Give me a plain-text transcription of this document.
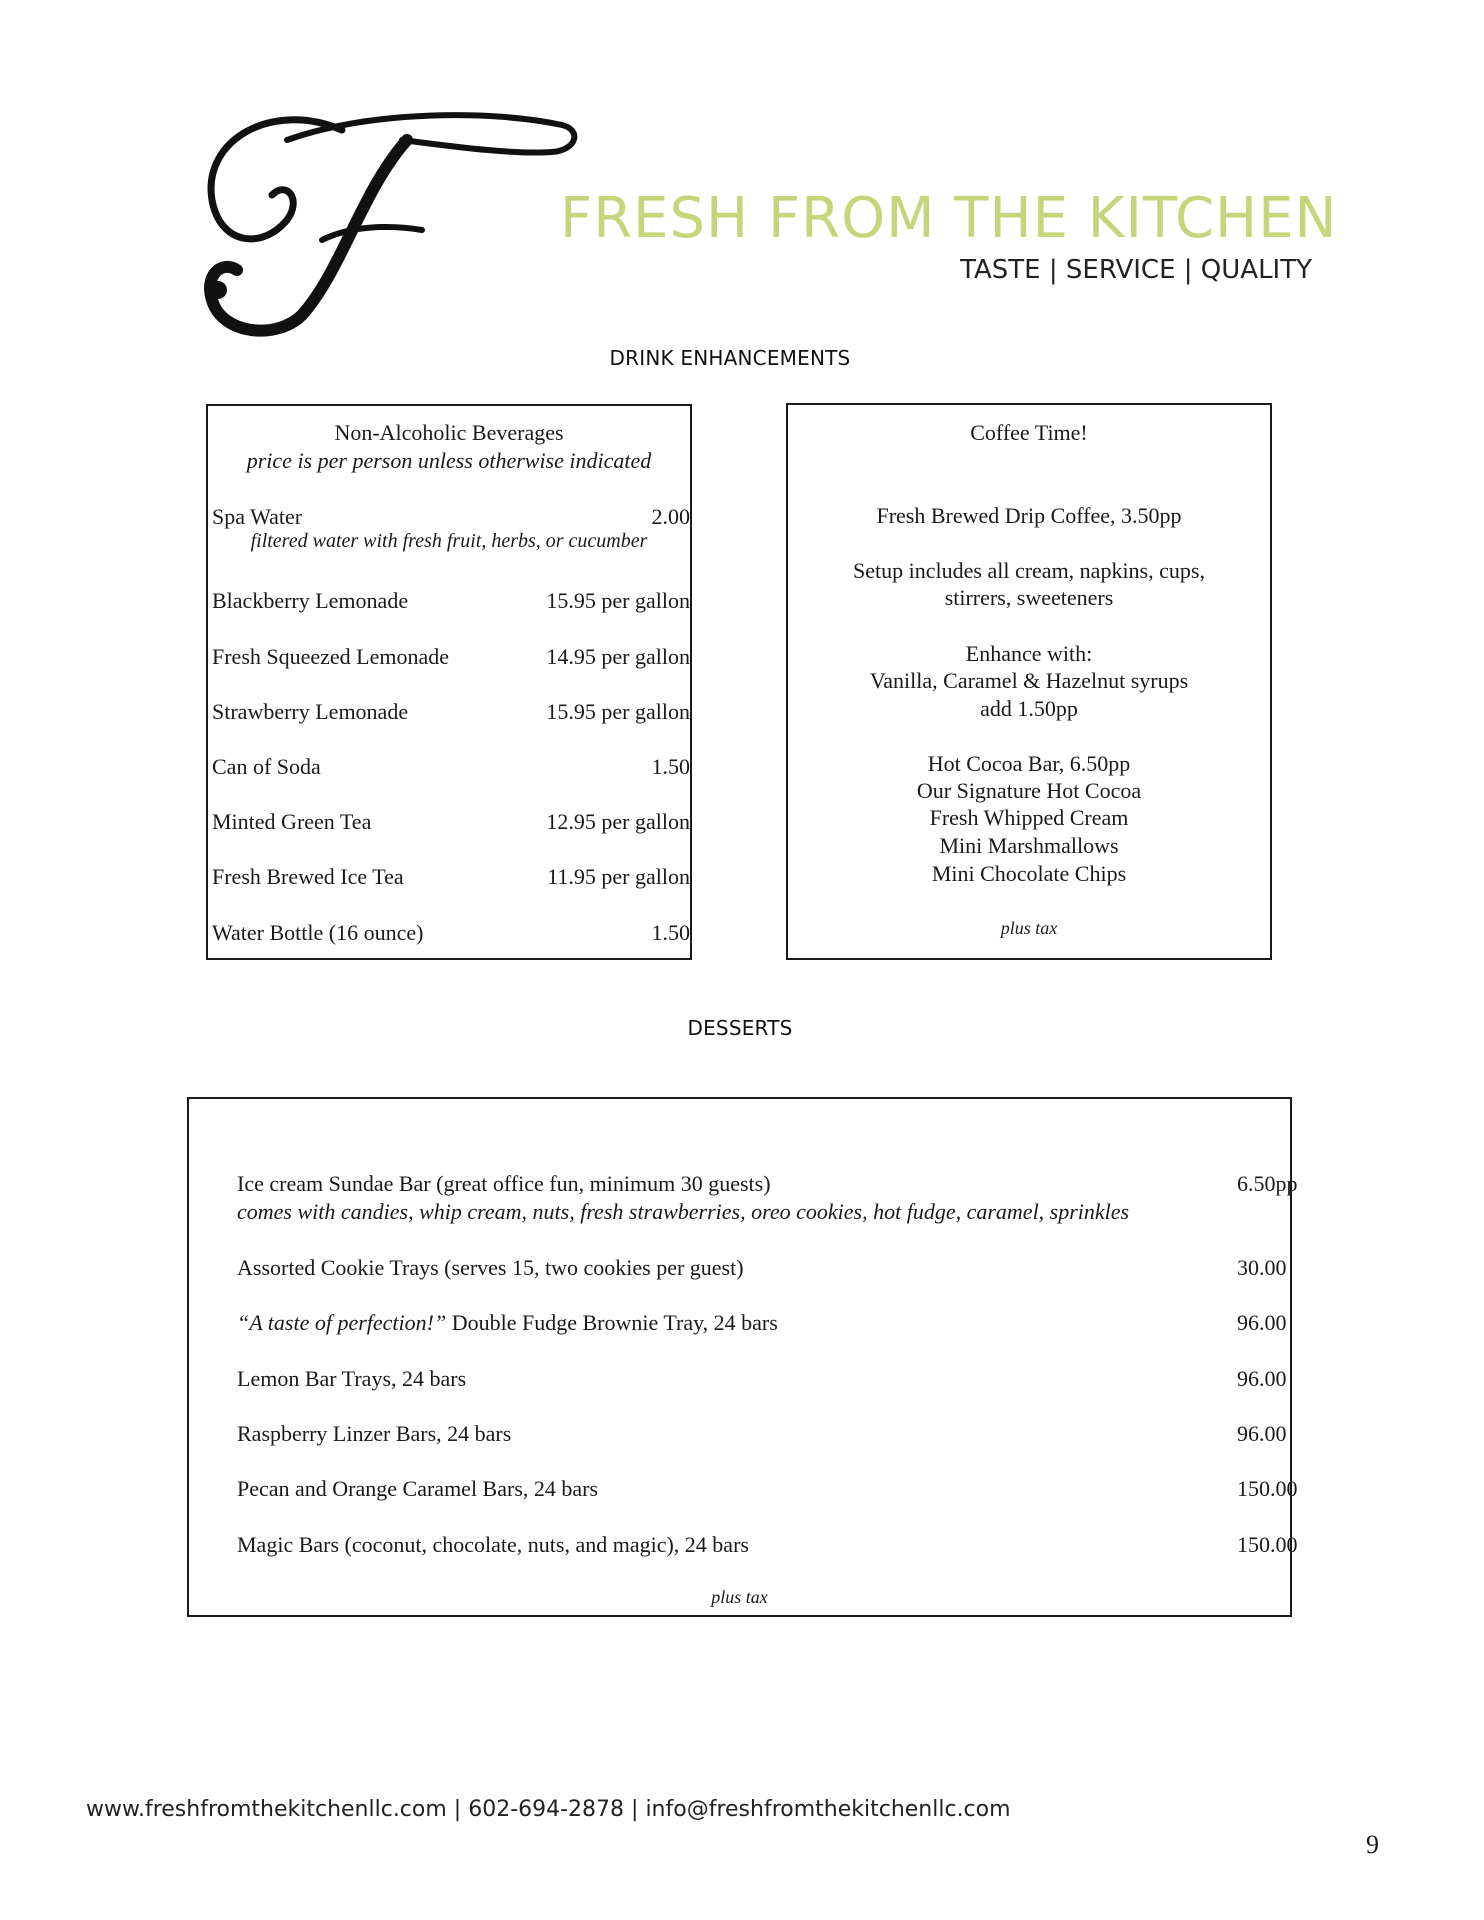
FRESH FROM THE KITCHEN
TASTE | SERVICE | QUALITY
DRINK ENHANCEMENTS
Non-Alcoholic Beverages
price is per person unless otherwise indicated
Spa Water	2.00
filtered water with fresh fruit, herbs, or cucumber
Blackberry Lemonade	15.95 per gallon
Fresh Squeezed Lemonade	14.95 per gallon
Strawberry Lemonade	15.95 per gallon
Can of Soda	1.50
Minted Green Tea	12.95 per gallon
Fresh Brewed Ice Tea	11.95 per gallon
Water Bottle (16 ounce)	1.50
Coffee Time!
Fresh Brewed Drip Coffee, 3.50pp
Setup includes all cream, napkins, cups,
stirrers, sweeteners
Enhance with:
Vanilla, Caramel & Hazelnut syrups
add 1.50pp
Hot Cocoa Bar, 6.50pp
Our Signature Hot Cocoa
Fresh Whipped Cream
Mini Marshmallows
Mini Chocolate Chips
plus tax
DESSERTS
Ice cream Sundae Bar (great office fun, minimum 30 guests)	6.50pp
comes with candies, whip cream, nuts, fresh strawberries, oreo cookies, hot fudge, caramel, sprinkles
Assorted Cookie Trays (serves 15, two cookies per guest)	30.00
“A taste of perfection!” Double Fudge Brownie Tray, 24 bars	96.00
Lemon Bar Trays, 24 bars	96.00
Raspberry Linzer Bars, 24 bars	96.00
Pecan and Orange Caramel Bars, 24 bars	150.00
Magic Bars (coconut, chocolate, nuts, and magic), 24 bars	150.00
plus tax
www.freshfromthekitchenllc.com | 602-694-2878 | info@freshfromthekitchenllc.com
9
